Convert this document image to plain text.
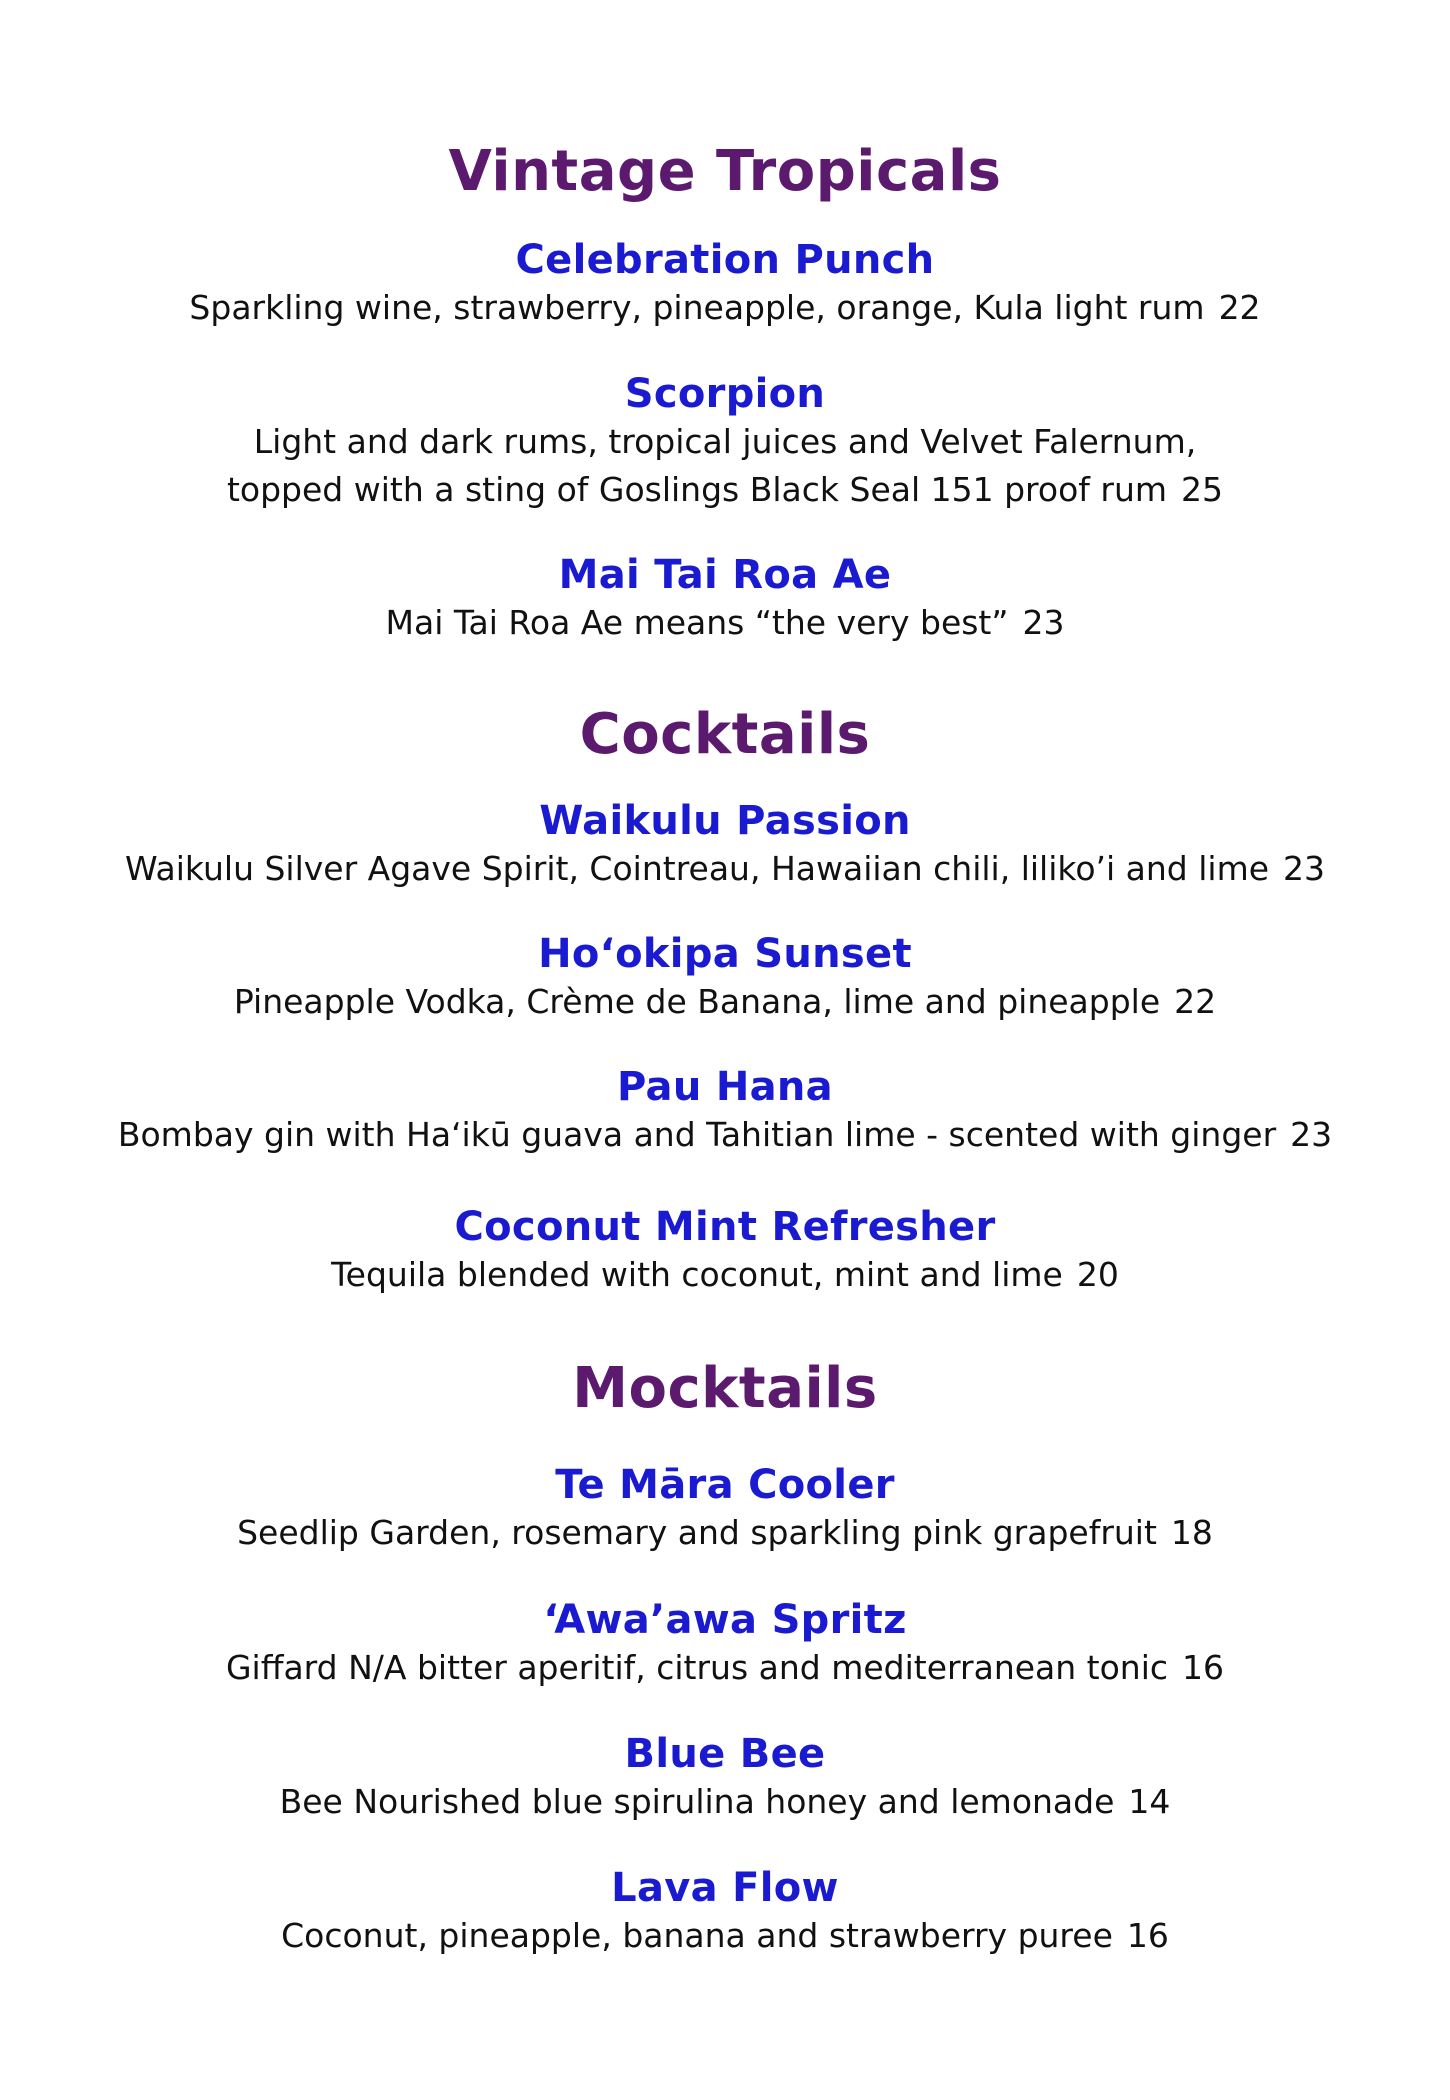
Vintage Tropicals
Celebration Punch
Sparkling wine, strawberry, pineapple, orange, Kula light rum 22
Scorpion
Light and dark rums, tropical juices and Velvet Falernum,
topped with a sting of Goslings Black Seal 151 proof rum 25
Mai Tai Roa Ae
Mai Tai Roa Ae means “the very best” 23
Cocktails
Waikulu Passion
Waikulu Silver Agave Spirit, Cointreau, Hawaiian chili, liliko’i and lime 23
Ho‘okipa Sunset
Pineapple Vodka, Crème de Banana, lime and pineapple 22
Pau Hana
Bombay gin with Ha‘ikū guava and Tahitian lime - scented with ginger 23
Coconut Mint Refresher
Tequila blended with coconut, mint and lime 20
Mocktails
Te Māra Cooler
Seedlip Garden, rosemary and sparkling pink grapefruit 18
‘Awa’awa Spritz
Giffard N/A bitter aperitif, citrus and mediterranean tonic 16
Blue Bee
Bee Nourished blue spirulina honey and lemonade 14
Lava Flow
Coconut, pineapple, banana and strawberry puree 16
